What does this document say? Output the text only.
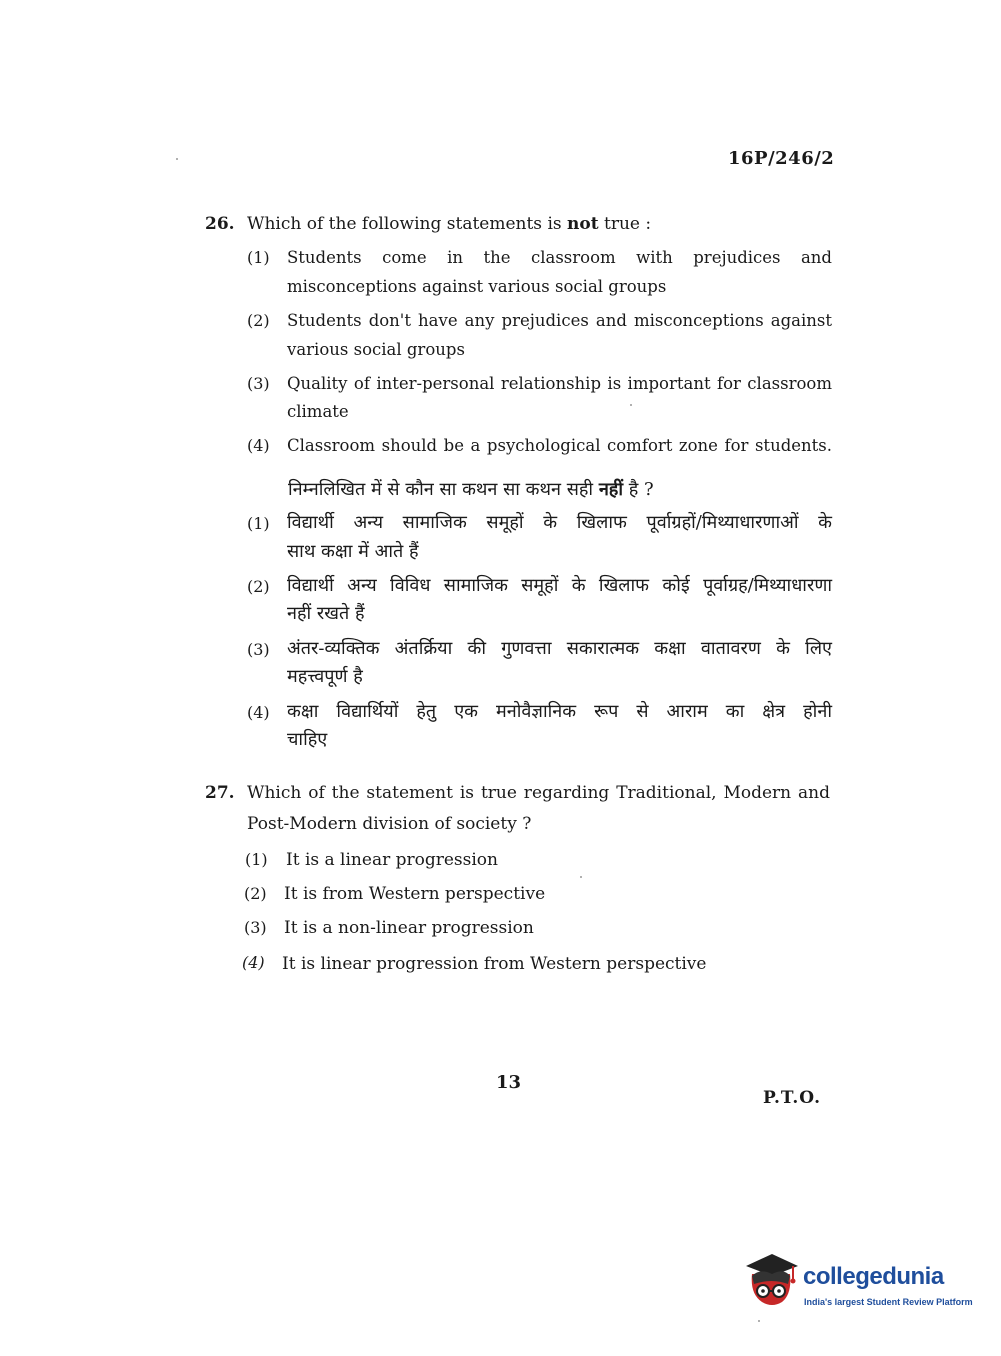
16P/246/2
26. Which of the following statements is not true :
(1) Students come in the classroom with prejudices and
misconceptions against various social groups
(2) Students don't have any prejudices and misconceptions against
various social groups
(3) Quality of inter-personal relationship is important for classroom
climate
(4) Classroom should be a psychological comfort zone for students.
निम्नलिखित में से कौन सा कथन सा कथन सही नहीं है ?
(1) विद्यार्थी अन्य सामाजिक समूहों के खिलाफ पूर्वाग्रहों/मिथ्याधारणाओं के
साथ कक्षा में आते हैं
(2) विद्यार्थी अन्य विविध सामाजिक समूहों के खिलाफ कोई पूर्वाग्रह/मिथ्याधारणा
नहीं रखते हैं
(3) अंतर-व्यक्तिक अंतर्क्रिया की गुणवत्ता सकारात्मक कक्षा वातावरण के लिए
महत्त्वपूर्ण है
(4) कक्षा विद्यार्थियों हेतु एक मनोवैज्ञानिक रूप से आराम का क्षेत्र होनी
चाहिए
27. Which of the statement is true regarding Traditional, Modern and
Post-Modern division of society ?
(1) It is a linear progression
(2) It is from Western perspective
(3) It is a non-linear progression
(4) It is linear progression from Western perspective
13
P.T.O.
collegedunia
India's largest Student Review Platform
